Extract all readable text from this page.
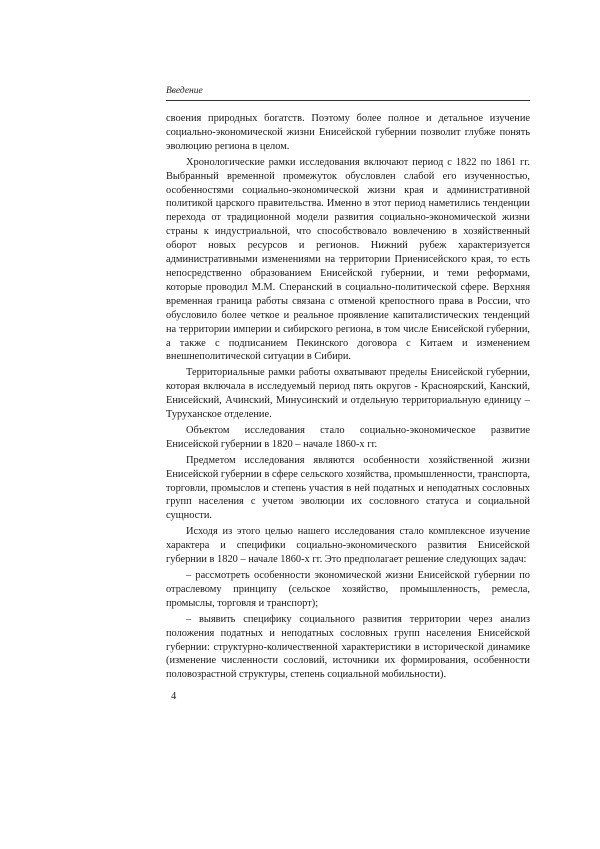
Введение

своения природных богатств. Поэтому более полное и детальное изучение социально-экономической жизни Енисейской губернии позволит глубже понять эволюцию региона в целом.

Хронологические рамки исследования включают период с 1822 по 1861 гг. Выбранный временной промежуток обусловлен слабой его изученностью, особенностями социально-экономической жизни края и административной политикой царского правительства. Именно в этот период наметились тенденции перехода от традиционной модели развития социально-экономической жизни страны к индустриальной, что способствовало вовлечению в хозяйственный оборот новых ресурсов и регионов. Нижний рубеж характеризуется административными изменениями на территории Приенисейского края, то есть непосредственно образованием Енисейской губернии, и теми реформами, которые проводил М.М. Сперанский в социально-политической сфере. Верхняя временная граница работы связана с отменой крепостного права в России, что обусловило более четкое и реальное проявление капиталистических тенденций на территории империи и сибирского региона, в том числе Енисейской губернии, а также с подписанием Пекинского договора с Китаем и изменением внешнеполитической ситуации в Сибири.

Территориальные рамки работы охватывают пределы Енисейской губернии, которая включала в исследуемый период пять округов - Красноярский, Канский, Енисейский, Ачинский, Минусинский и отдельную территориальную единицу – Туруханское отделение.

Объектом исследования стало социально-экономическое развитие Енисейской губернии в 1820 – начале 1860-х гг.

Предметом исследования являются особенности хозяйственной жизни Енисейской губернии в сфере сельского хозяйства, промышленности, транспорта, торговли, промыслов и степень участия в ней податных и неподатных сословных групп населения с учетом эволюции их сословного статуса и социальной сущности.

Исходя из этого целью нашего исследования стало комплексное изучение характера и специфики социально-экономического развития Енисейской губернии в 1820 – начале 1860-х гг. Это предполагает решение следующих задач:

– рассмотреть особенности экономической жизни Енисейской губернии по отраслевому принципу (сельское хозяйство, промышленность, ремесла, промыслы, торговля и транспорт);

– выявить специфику социального развития территории через анализ положения податных и неподатных сословных групп населения Енисейской губернии: структурно-количественной характеристики в исторической динамике (изменение численности сословий, источники их формирования, особенности половозрастной структуры, степень социальной мобильности).

4
